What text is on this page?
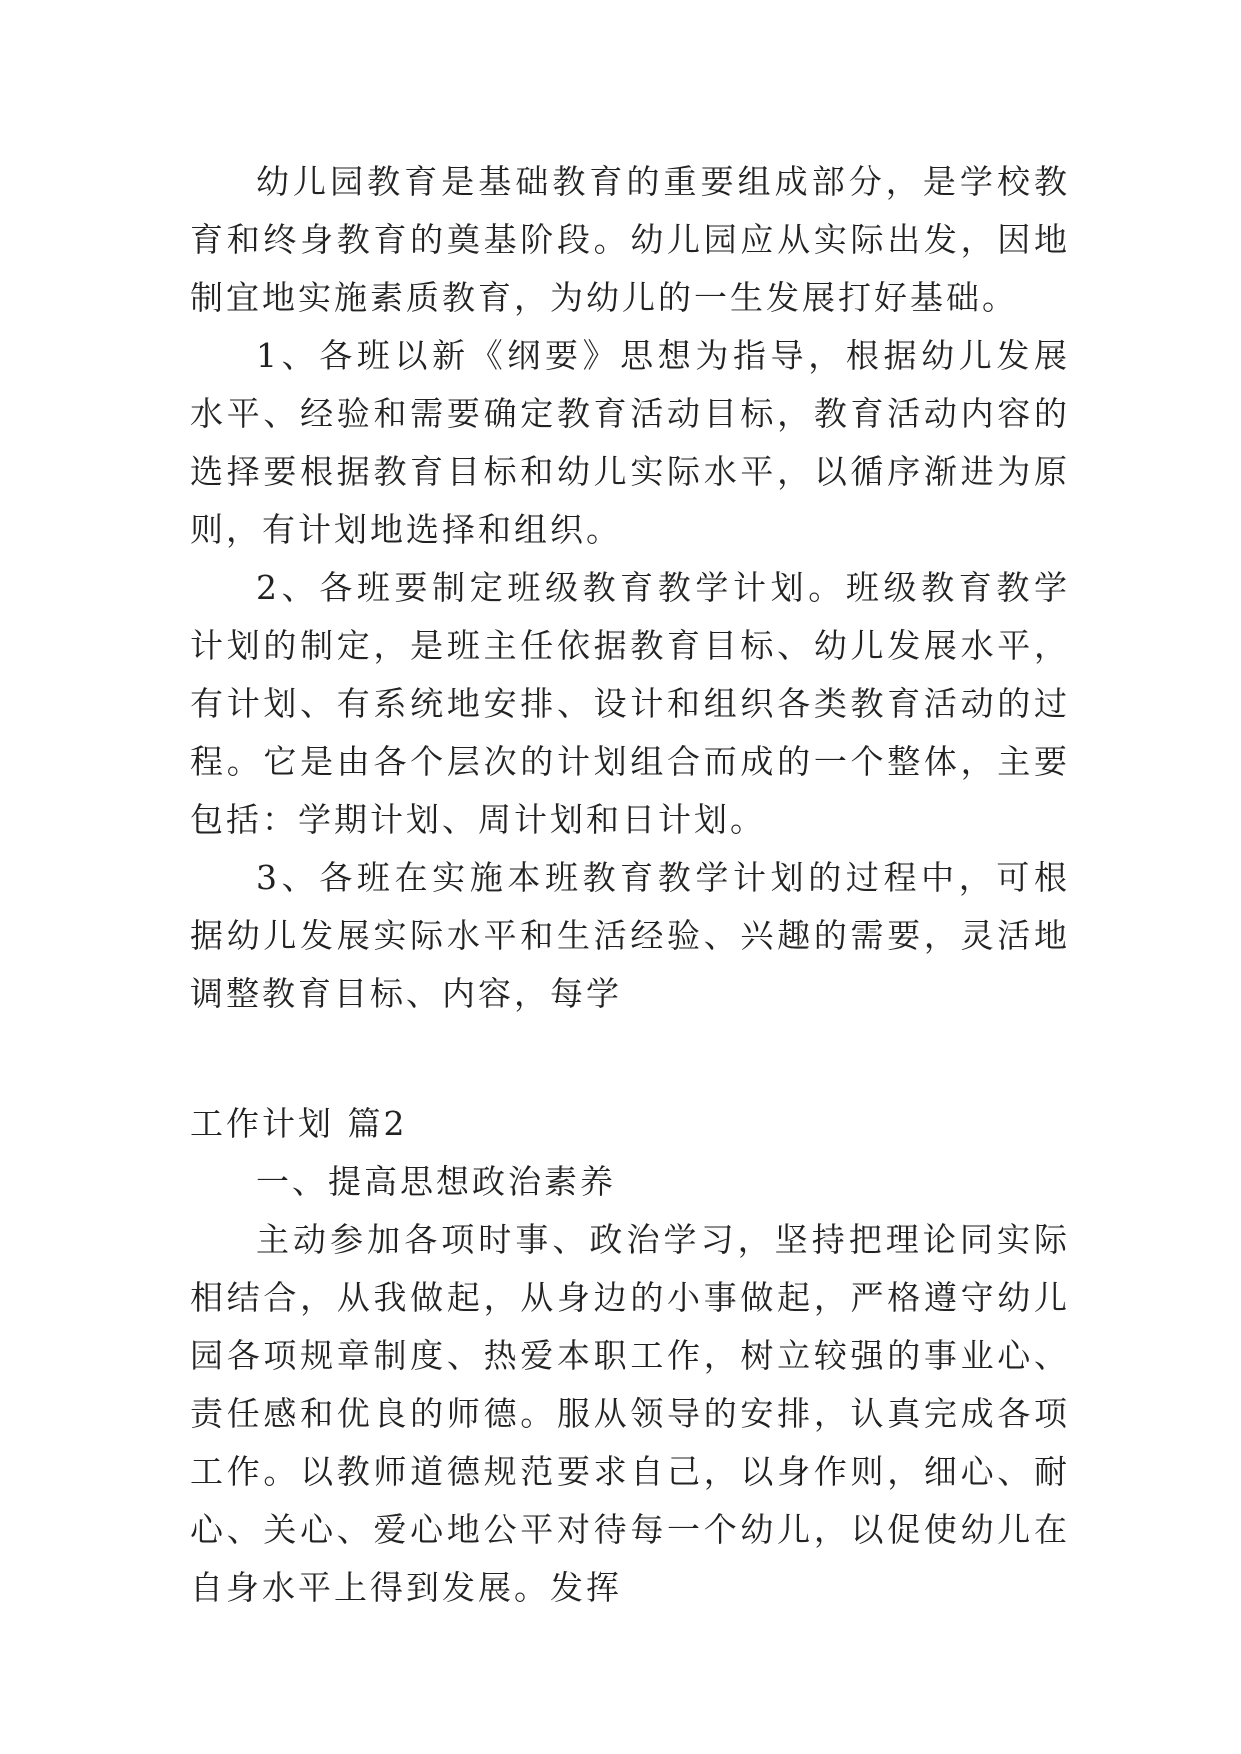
幼儿园教育是基础教育的重要组成部分，是学校教育和终身教育的奠基阶段。幼儿园应从实际出发，因地制宜地实施素质教育，为幼儿的一生发展打好基础。

1、各班以新《纲要》思想为指导，根据幼儿发展水平、经验和需要确定教育活动目标，教育活动内容的选择要根据教育目标和幼儿实际水平，以循序渐进为原则，有计划地选择和组织。

2、各班要制定班级教育教学计划。班级教育教学计划的制定，是班主任依据教育目标、幼儿发展水平，有计划、有系统地安排、设计和组织各类教育活动的过程。它是由各个层次的计划组合而成的一个整体，主要包括：学期计划、周计划和日计划。

3、各班在实施本班教育教学计划的过程中，可根据幼儿发展实际水平和生活经验、兴趣的需要，灵活地调整教育目标、内容，每学

工作计划 篇2

一、提高思想政治素养

主动参加各项时事、政治学习，坚持把理论同实际相结合，从我做起，从身边的小事做起，严格遵守幼儿园各项规章制度、热爱本职工作，树立较强的事业心、责任感和优良的师德。服从领导的安排，认真完成各项工作。以教师道德规范要求自己，以身作则，细心、耐心、关心、爱心地公平对待每一个幼儿，以促使幼儿在自身水平上得到发展。发挥
